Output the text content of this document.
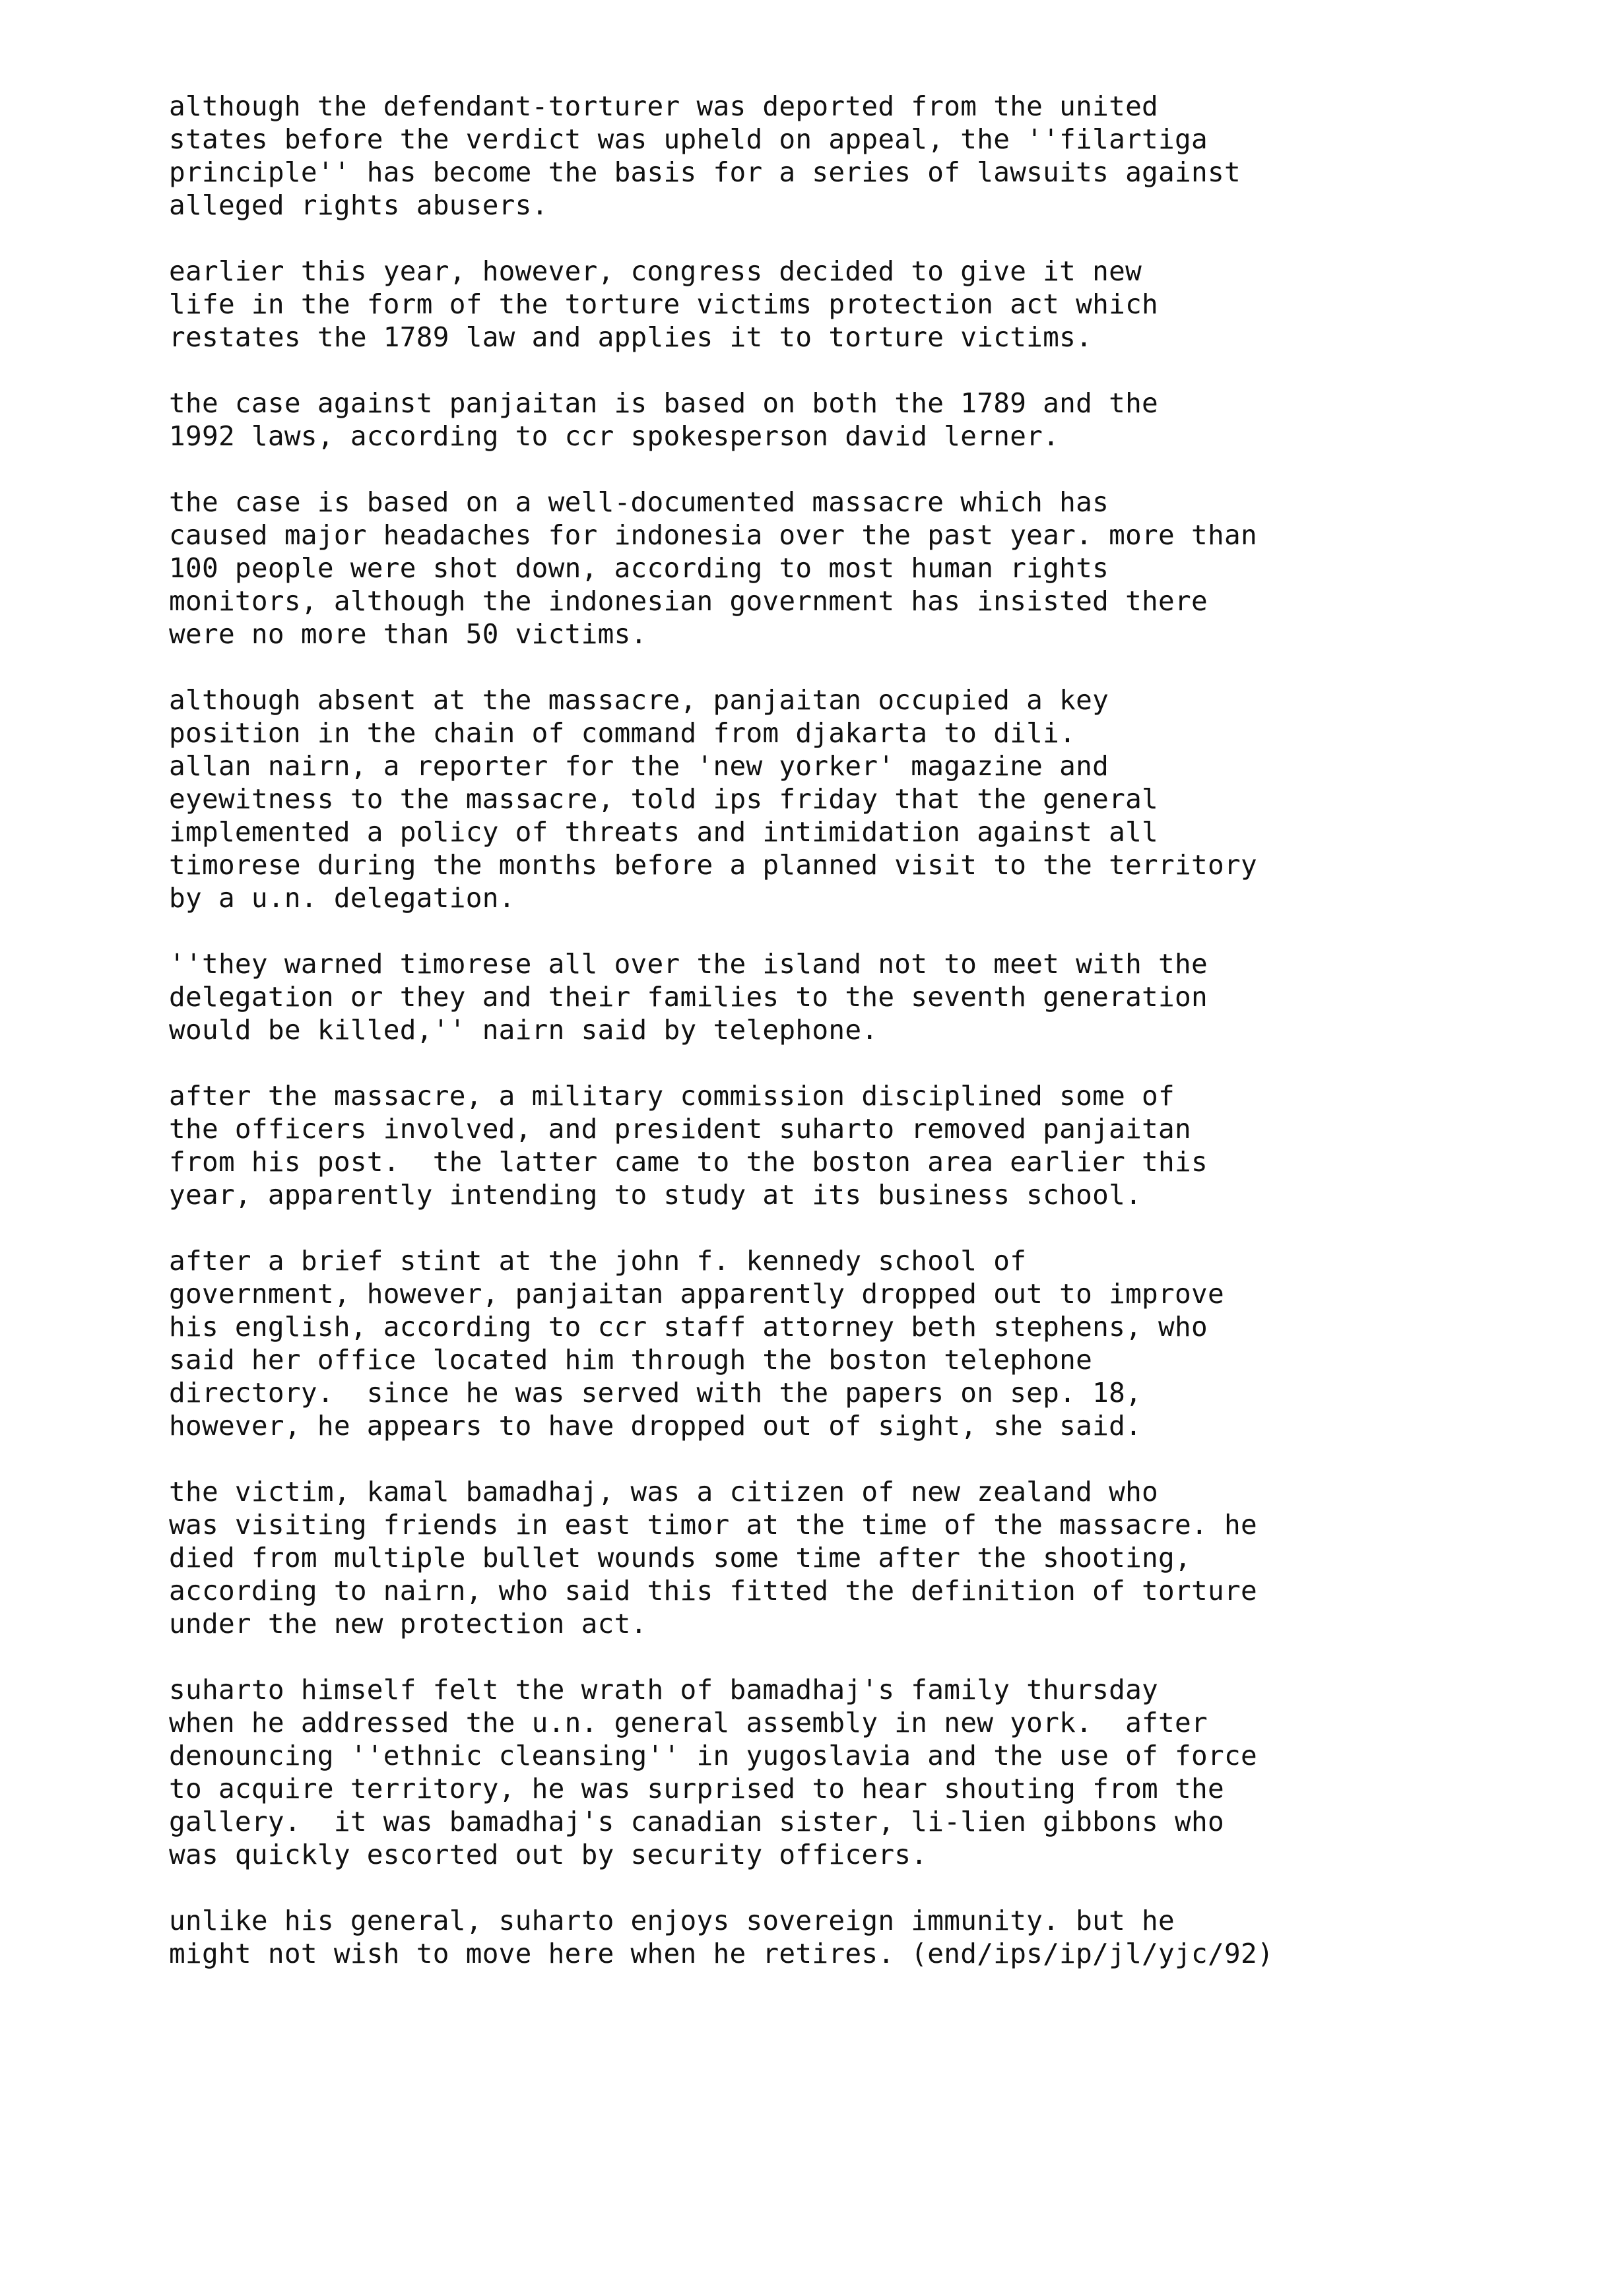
although the defendant-torturer was deported from the united
states before the verdict was upheld on appeal, the ''filartiga
principle'' has become the basis for a series of lawsuits against
alleged rights abusers.
earlier this year, however, congress decided to give it new
life in the form of the torture victims protection act which
restates the 1789 law and applies it to torture victims.
the case against panjaitan is based on both the 1789 and the
1992 laws, according to ccr spokesperson david lerner.
the case is based on a well-documented massacre which has
caused major headaches for indonesia over the past year. more than
100 people were shot down, according to most human rights
monitors, although the indonesian government has insisted there
were no more than 50 victims.
although absent at the massacre, panjaitan occupied a key
position in the chain of command from djakarta to dili.
allan nairn, a reporter for the 'new yorker' magazine and
eyewitness to the massacre, told ips friday that the general
implemented a policy of threats and intimidation against all
timorese during the months before a planned visit to the territory
by a u.n. delegation.
''they warned timorese all over the island not to meet with the
delegation or they and their families to the seventh generation
would be killed,'' nairn said by telephone.
after the massacre, a military commission disciplined some of
the officers involved, and president suharto removed panjaitan
from his post.  the latter came to the boston area earlier this
year, apparently intending to study at its business school.
after a brief stint at the john f. kennedy school of
government, however, panjaitan apparently dropped out to improve
his english, according to ccr staff attorney beth stephens, who
said her office located him through the boston telephone
directory.  since he was served with the papers on sep. 18,
however, he appears to have dropped out of sight, she said.
the victim, kamal bamadhaj, was a citizen of new zealand who
was visiting friends in east timor at the time of the massacre. he
died from multiple bullet wounds some time after the shooting,
according to nairn, who said this fitted the definition of torture
under the new protection act.
suharto himself felt the wrath of bamadhaj's family thursday
when he addressed the u.n. general assembly in new york.  after
denouncing ''ethnic cleansing'' in yugoslavia and the use of force
to acquire territory, he was surprised to hear shouting from the
gallery.  it was bamadhaj's canadian sister, li-lien gibbons who
was quickly escorted out by security officers.
unlike his general, suharto enjoys sovereign immunity. but he
might not wish to move here when he retires. (end/ips/ip/jl/yjc/92)
